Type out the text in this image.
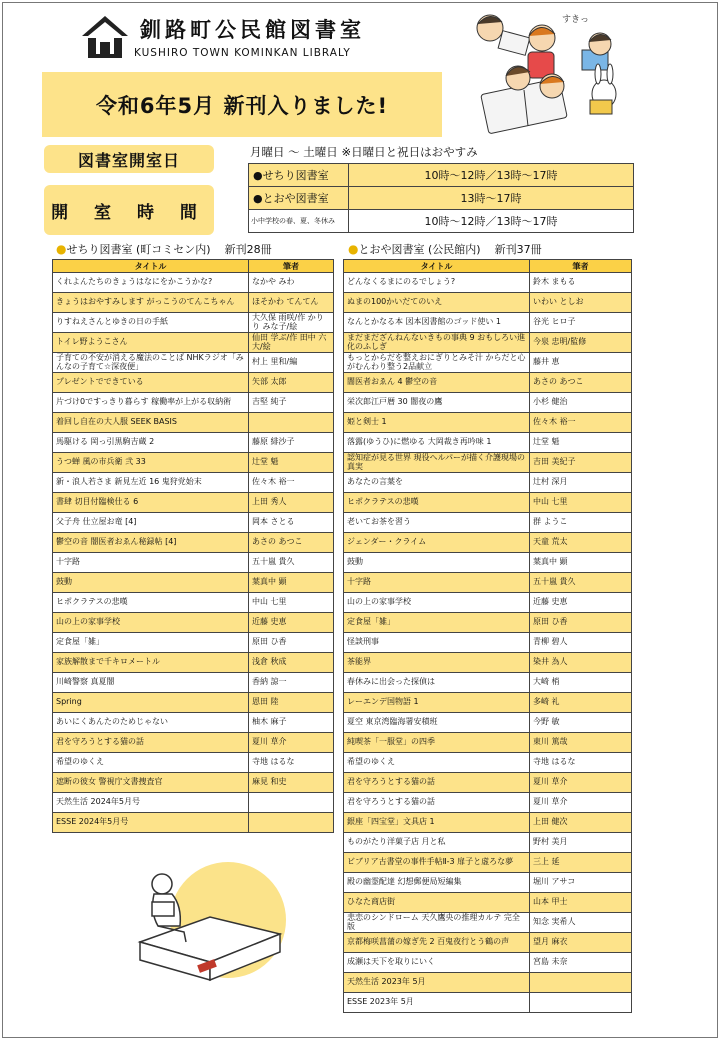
釧路町公民館図書室
KUSHIRO TOWN KOMINKAN LIBRALY
令和6年5月 新刊入りました!
すきっ
図書室開室日
開 室 時 間
月曜日 〜 土曜日 ※日曜日と祝日はおやすみ
●せちり図書室	10時～12時／13時～17時
●とおや図書室	13時～17時
小中学校の春、夏、冬休み	10時～12時／13時～17時
●せちり図書室 (町コミセン内) 新刊28冊	●とおや図書室 (公民館内) 新刊37冊
タイトル	筆者
くれよんたちのきょうはなにをかこうかな?	なかや みわ
きょうはおやすみします がっこうのてんこちゃん	ほそかわ てんてん
りすねえさんとゆきの日の手紙	大久保 雨咲/作 かりり みな子/絵
トイレ野ようこさん	仙田 学ぶ/作 田中 六大/絵
子育ての不安が消える魔法のことば NHKラジオ「みんなの子育て☆深夜便」	村上 里和/編
プレゼントでできている	矢部 太郎
片づけ0ですっきり暮らす 稼働率が上がる収納術	吉堅 純子
着回し自在の大人服 SEEK BASIS	
馬駆ける 岡っ引黒駒吉蔵 2	藤原 緋沙子
うつ蝉 風の市兵衛 弐 33	辻堂 魁
新・浪人若さま 新見左近 16 鬼狩党始末	佐々木 裕一
書肆 切目付臨検仕る 6	上田 秀人
父子舟 仕立屋お竜 [4]	岡本 さとる
鬱空の音 闇医者おゑん秘録帖 [4]	あさの あつこ
十字路	五十嵐 貴久
鼓動	葉真中 顕
ヒポクラテスの悲嘆	中山 七里
山の上の家事学校	近藤 史恵
定食屋「雑」	原田 ひ香
家族解散まで千キロメートル	浅倉 秋成
川崎警察 真夏闇	香納 諒一
Spring	恩田 陸
あいにくあんたのためじゃない	柚木 麻子
君を守ろうとする猫の話	夏川 草介
希望のゆくえ	寺地 はるな
遮断の彼女 警視庁文書捜査官	麻見 和史
天然生活 2024年5月号	
ESSE 2024年5月号	
タイトル	筆者
どんなくるまにのるでしょう?	鈴木 まもる
ぬまの100かいだてのいえ	いわい としお
なんとかなる本 図本図書館のゴッド使い 1	谷光 ヒロ子
まだまだざんねんないきもの事典 9 おもしろい進化のふしぎ	今泉 忠明/監修
もっとからだを整えおにぎりとみそ汁 からだと心がむんわり整う2品献立	藤井 恵
闇医者おゑん 4 鬱空の音	あさの あつこ
栄次郎江戸暦 30 闇夜の鷹	小杉 健治
姫と剣士 1	佐々木 裕一
落露(ゆうひ)に燃ゆる 大岡裁き再吟味 1	辻堂 魁
認知症が見る世界 現役ヘルパーが描く介護現場の真実	吉田 美紀子
あなたの言葉を	辻村 深月
ヒポクラテスの悲嘆	中山 七里
老いてお茶を習う	群 ようこ
ジェンダー・クライム	天童 荒太
鼓動	葉真中 顕
十字路	五十嵐 貴久
山の上の家事学校	近藤 史恵
定食屋「雑」	原田 ひ香
怪談刑事	青柳 碧人
茶能界	染井 為人
春休みに出会った探偵は	大崎 梢
レーエンデ国物語 1	多崎 礼
夏空 東京湾臨海署安積班	今野 敏
純喫茶「一服堂」の四季	東川 篤哉
希望のゆくえ	寺地 はるな
君を守ろうとする猫の話	夏川 草介
君を守ろうとする猫の話	夏川 草介
銀座「四宝堂」文具店 1	上田 健次
ものがたり洋菓子店 月と私	野村 美月
ビブリア古書堂の事件手帖Ⅱ-3 扉子と虚ろな夢	三上 延
殿の幽霊配達 幻想郵便局短編集	堀川 アサコ
ひなた商店街	山本 甲士
悲恋のシンドローム 天久鷹央の推理カルテ 完全版	知念 実希人
京都梅咲菖蒲の嫁ぎ先 2 百鬼夜行とう鶴の声	望月 麻衣
成瀬は天下を取りにいく	宮島 未奈
天然生活 2023年 5月	
ESSE 2023年 5月	
